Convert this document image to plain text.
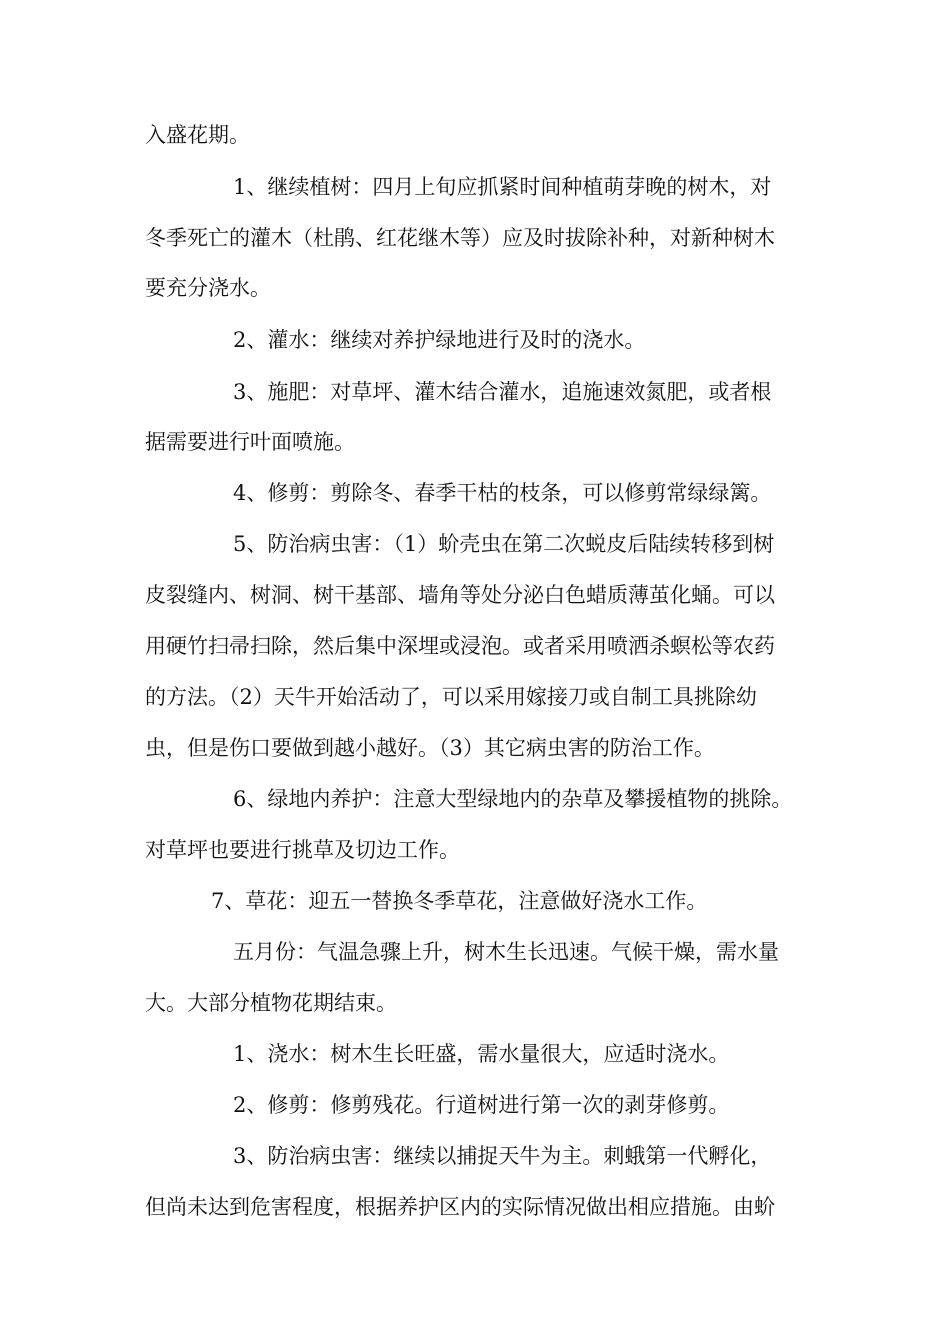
入盛花期。
1、继续植树：四月上旬应抓紧时间种植萌芽晚的树木，对
冬季死亡的灌木（杜鹃、红花继木等）应及时拔除补种，对新种树木
要充分浇水。
2、灌水：继续对养护绿地进行及时的浇水。
3、施肥：对草坪、灌木结合灌水，追施速效氮肥，或者根
据需要进行叶面喷施。
4、修剪：剪除冬、春季干枯的枝条，可以修剪常绿绿篱。
5、防治病虫害：（1）蚧壳虫在第二次蜕皮后陆续转移到树
皮裂缝内、树洞、树干基部、墙角等处分泌白色蜡质薄茧化蛹。可以
用硬竹扫帚扫除，然后集中深埋或浸泡。或者采用喷洒杀螟松等农药
的方法。（2）天牛开始活动了，可以采用嫁接刀或自制工具挑除幼
虫，但是伤口要做到越小越好。（3）其它病虫害的防治工作。
6、绿地内养护：注意大型绿地内的杂草及攀援植物的挑除。
对草坪也要进行挑草及切边工作。
7、草花：迎五一替换冬季草花，注意做好浇水工作。
五月份：气温急骤上升，树木生长迅速。气候干燥，需水量
大。大部分植物花期结束。
1、浇水：树木生长旺盛，需水量很大，应适时浇水。
2、修剪：修剪残花。行道树进行第一次的剥芽修剪。
3、防治病虫害：继续以捕捉天牛为主。刺蛾第一代孵化，
但尚未达到危害程度，根据养护区内的实际情况做出相应措施。由蚧
